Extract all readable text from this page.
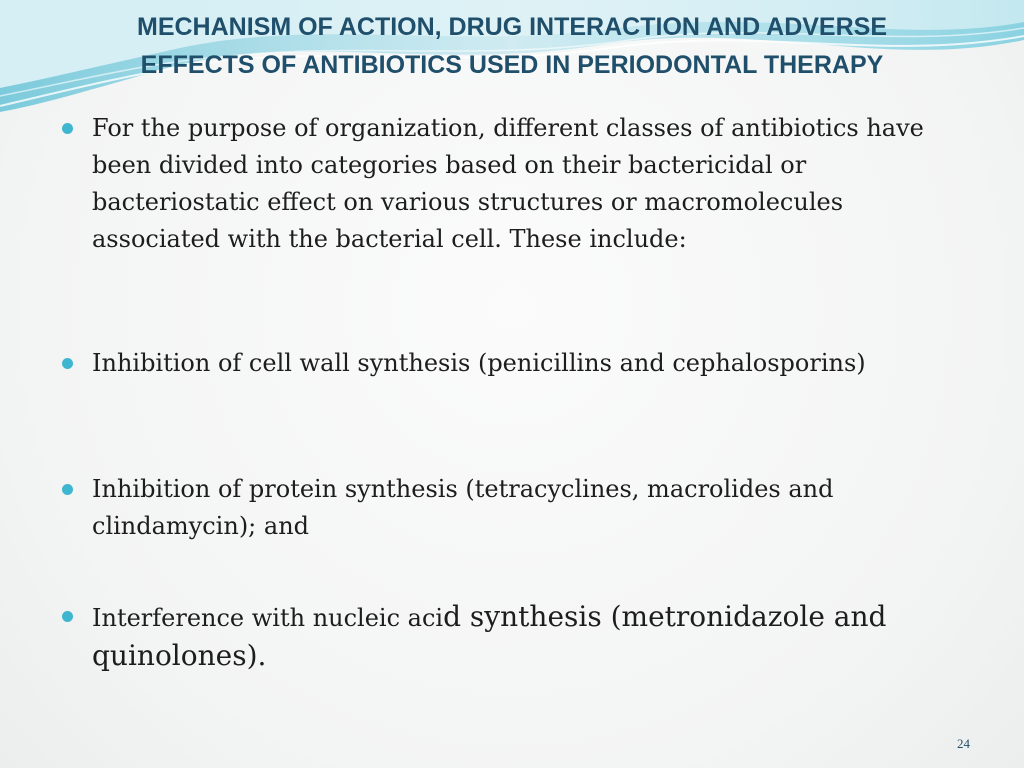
MECHANISM OF ACTION, DRUG INTERACTION AND ADVERSE
EFFECTS OF ANTIBIOTICS USED IN PERIODONTAL THERAPY
For the purpose of organization, different classes of antibiotics have been divided into categories based on their bactericidal or bacteriostatic effect on various structures or macromolecules associated with the bacterial cell. These include:
Inhibition of cell wall synthesis (penicillins and cephalosporins)
Inhibition of protein synthesis (tetracyclines, macrolides and clindamycin); and
Interference with nucleic acid synthesis (metronidazole and quinolones).
24
